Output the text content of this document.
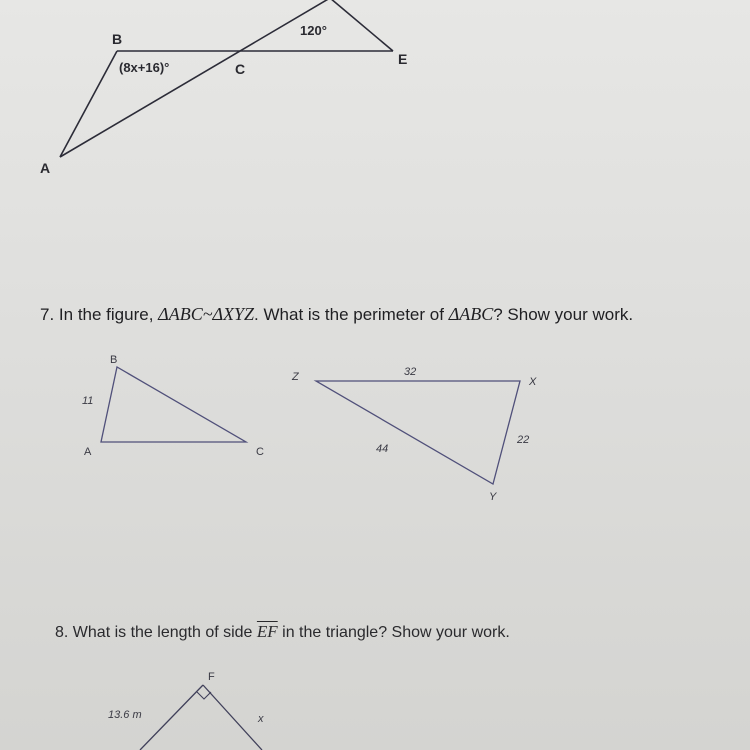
B
A
C
E
(8x+16)°
120°
B
A	C
11
Z	X
Y
32
22
44
F
13.6 m	x

7. In the figure, ΔABC~ΔXYZ. What is the perimeter of ΔABC? Show your work.

8. What is the length of side $\overline{EF}$ in the triangle? Show your work.
